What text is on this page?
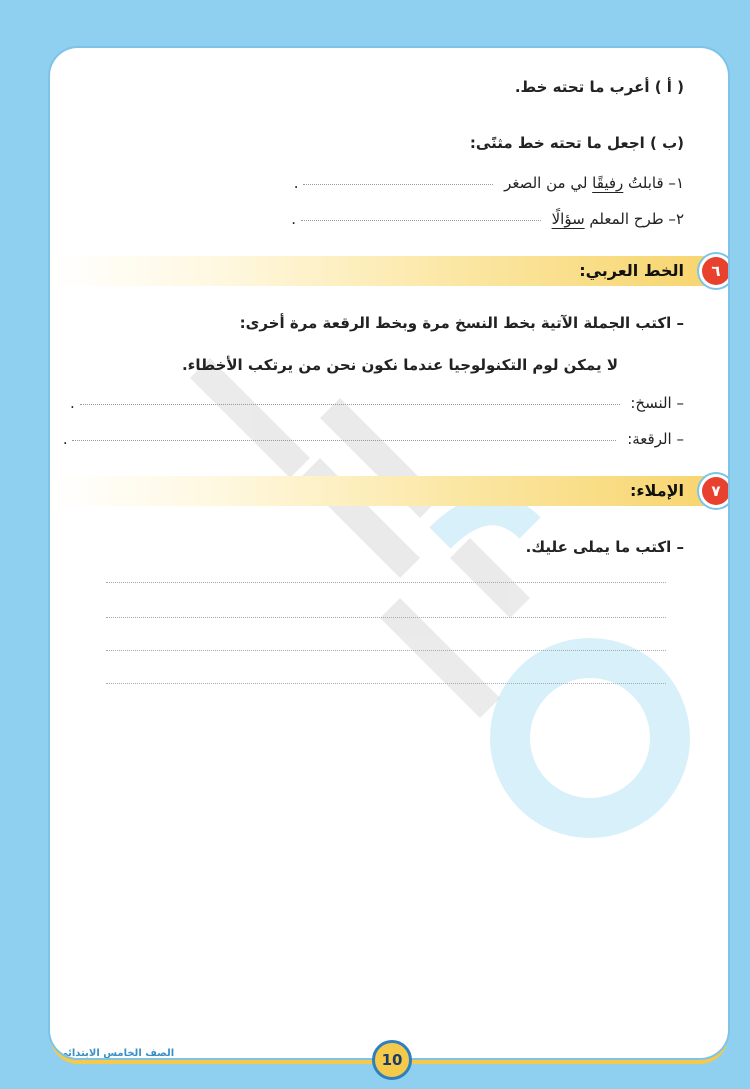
( أ ) أعرب ما تحته خط.
(ب ) اجعل ما تحته خط مثنًى:
١– قابلتُ رفيقًا لي من الصغر  .
٢– طرح المعلم سؤالًا  .
٦
الخط العربي:
– اكتب الجملة الآتية بخط النسخ مرة وبخط الرقعة مرة أخرى:
لا يمكن لوم التكنولوجيا عندما نكون نحن من يرتكب الأخطاء.
– النسخ:  .
– الرقعة:  .
٧
الإملاء:
– اكتب ما يملى عليك.
الصف الخامس الابتدائي	10
